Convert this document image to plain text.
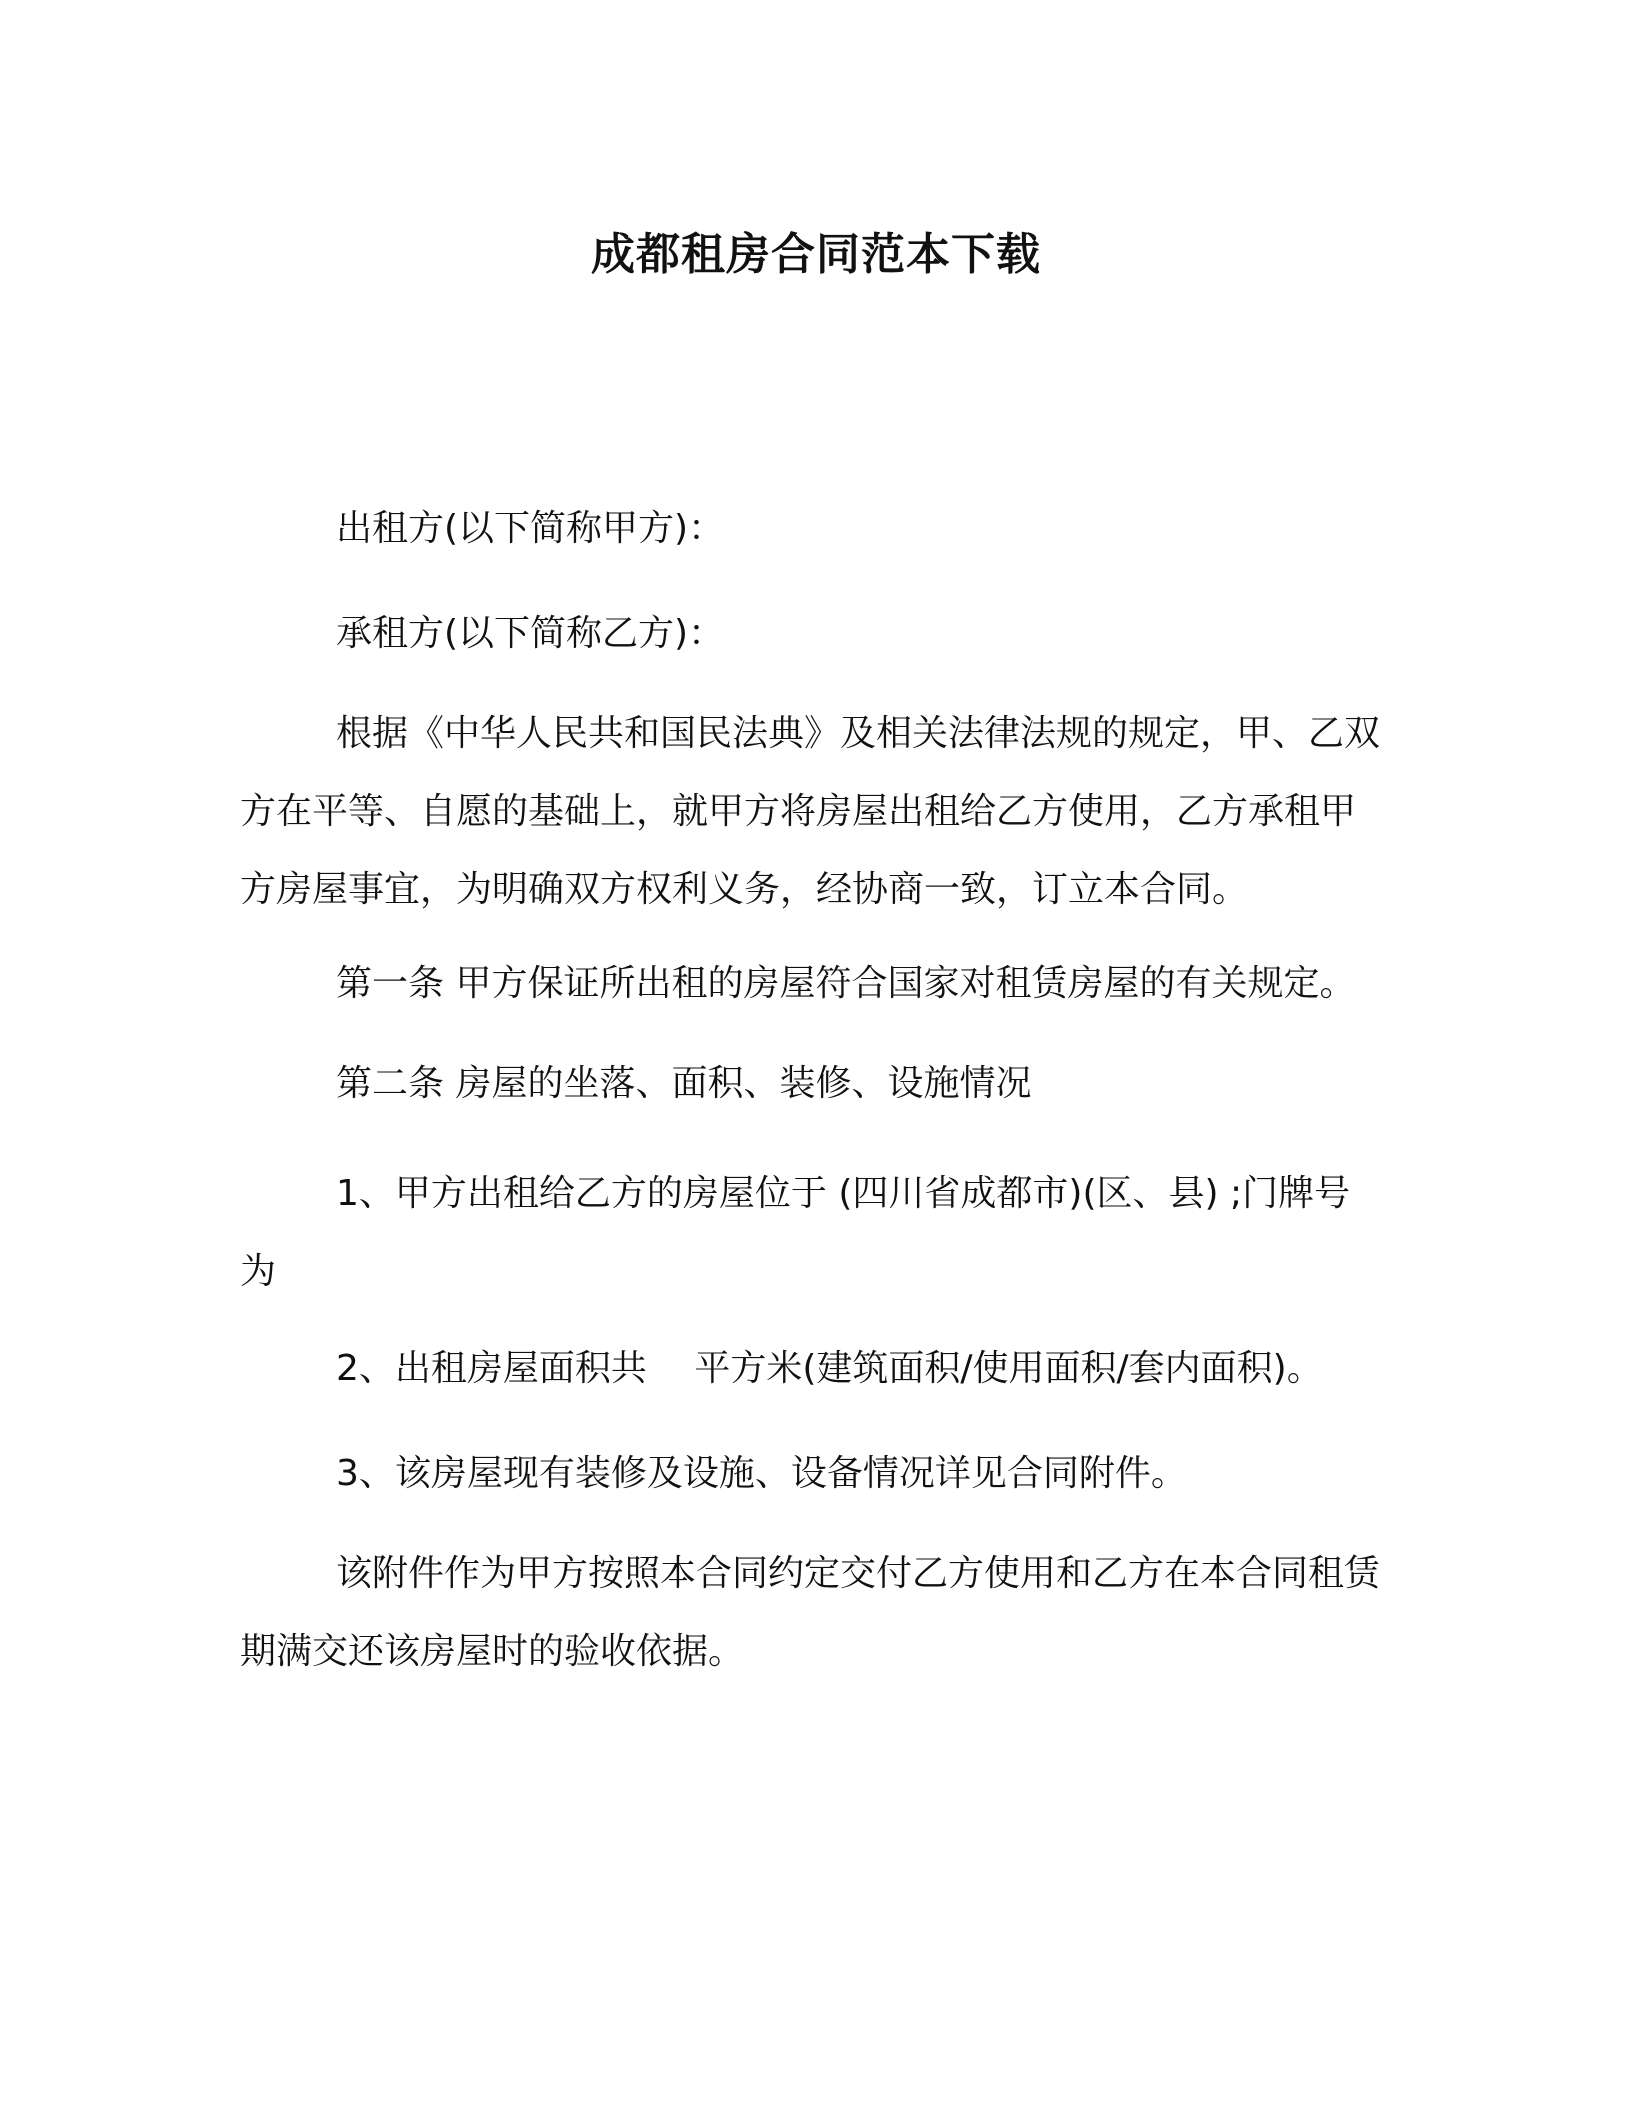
成都租房合同范本下载

出租方(以下简称甲方)：

承租方(以下简称乙方)：

根据《中华人民共和国民法典》及相关法律法规的规定，甲、乙双方在平等、自愿的基础上，就甲方将房屋出租给乙方使用，乙方承租甲方房屋事宜，为明确双方权利义务，经协商一致，订立本合同。

第一条 甲方保证所出租的房屋符合国家对租赁房屋的有关规定。

第二条 房屋的坐落、面积、装修、设施情况

1、甲方出租给乙方的房屋位于 (四川省成都市)(区、县) ;门牌号为

2、出租房屋面积共　 平方米(建筑面积/使用面积/套内面积)。

3、该房屋现有装修及设施、设备情况详见合同附件。

该附件作为甲方按照本合同约定交付乙方使用和乙方在本合同租赁期满交还该房屋时的验收依据。
